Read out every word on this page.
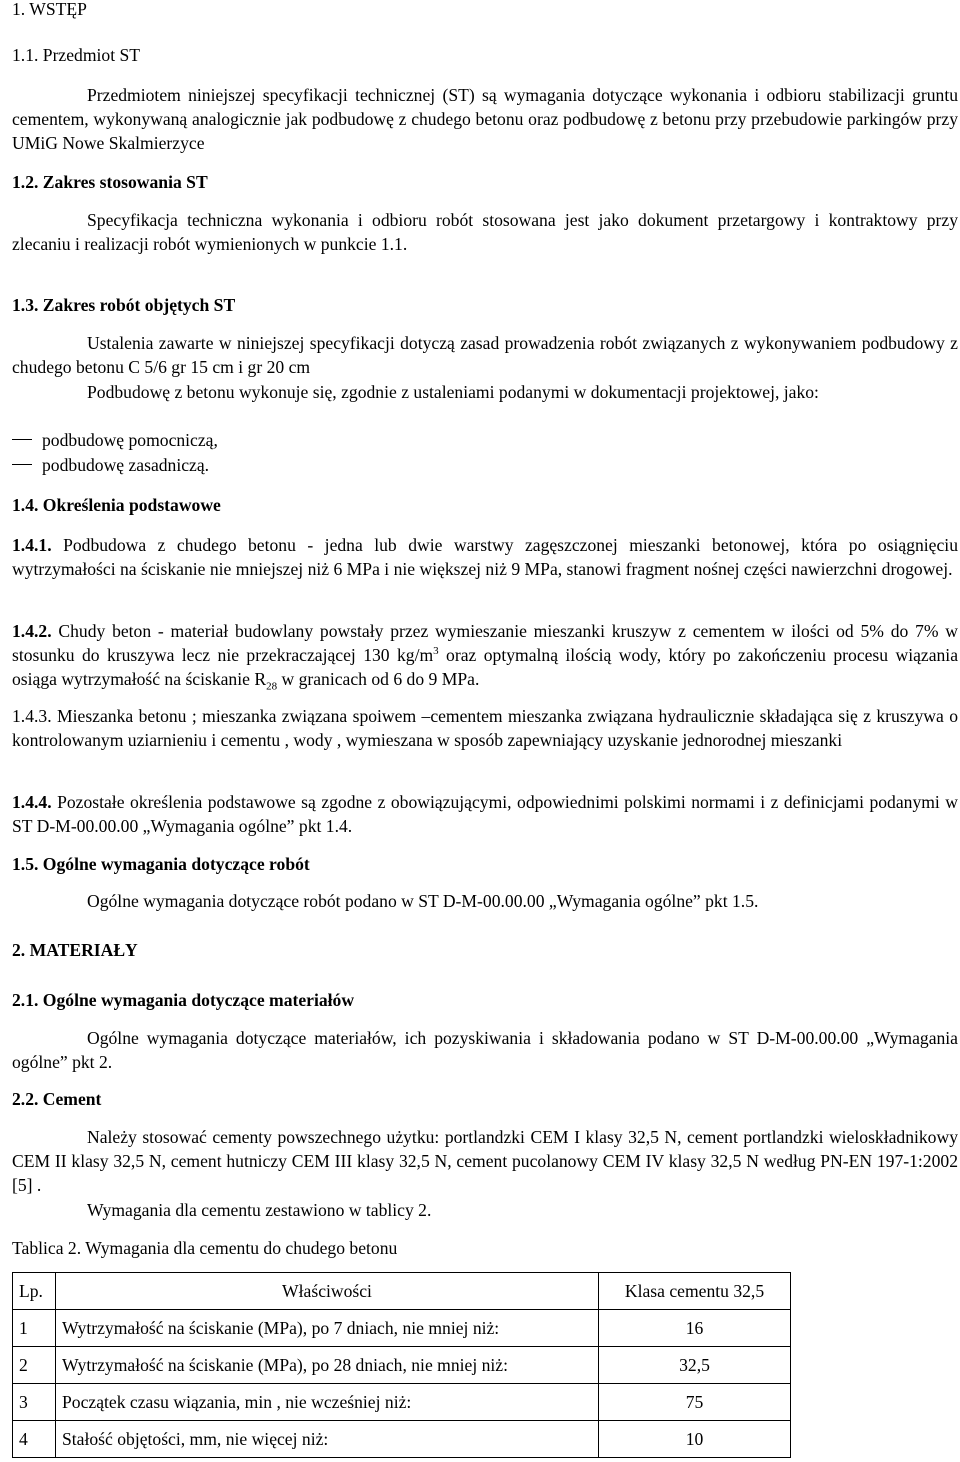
1. WSTĘP
1.1. Przedmiot ST
Przedmiotem niniejszej specyfikacji technicznej (ST) są wymagania dotyczące wykonania i odbioru stabilizacji gruntu cementem, wykonywaną analogicznie jak podbudowę z chudego betonu oraz podbudowę z betonu przy przebudowie parkingów przy UMiG Nowe Skalmierzyce
1.2. Zakres stosowania ST
Specyfikacja techniczna wykonania i odbioru robót stosowana jest jako dokument przetargowy i kontraktowy przy zlecaniu i realizacji robót wymienionych w punkcie 1.1.
1.3. Zakres robót objętych ST
Ustalenia zawarte w niniejszej specyfikacji dotyczą zasad prowadzenia robót związanych z wykonywaniem podbudowy z chudego betonu C 5/6 gr 15 cm i gr 20 cm
Podbudowę z betonu wykonuje się, zgodnie z ustaleniami podanymi w dokumentacji projektowej, jako:
podbudowę pomocniczą,
podbudowę zasadniczą.
1.4. Określenia podstawowe
1.4.1. Podbudowa z chudego betonu - jedna lub dwie warstwy zagęszczonej mieszanki betonowej, która po osiągnięciu wytrzymałości na ściskanie nie mniejszej niż 6 MPa i nie większej niż 9 MPa, stanowi fragment nośnej części nawierzchni drogowej.
1.4.2. Chudy beton - materiał budowlany powstały przez wymieszanie mieszanki kruszyw z cementem w ilości od 5% do 7% w stosunku do kruszywa lecz nie przekraczającej 130 $kg/m^3$ oraz optymalną ilością wody, który po zakończeniu procesu wiązania osiąga wytrzymałość na ściskanie $R_{28}$ w granicach od 6 do 9 MPa.
1.4.3. Mieszanka betonu ; mieszanka związana spoiwem –cementem mieszanka związana hydraulicznie składająca się z kruszywa o kontrolowanym uziarnieniu i cementu , wody , wymieszana w sposób zapewniający uzyskanie jednorodnej mieszanki
1.4.4. Pozostałe określenia podstawowe są zgodne z obowiązującymi, odpowiednimi polskimi normami i z definicjami podanymi w ST D-M-00.00.00 „Wymagania ogólne” pkt 1.4.
1.5. Ogólne wymagania dotyczące robót
Ogólne wymagania dotyczące robót podano w ST D-M-00.00.00 „Wymagania ogólne” pkt 1.5.
2. MATERIAŁY
2.1. Ogólne wymagania dotyczące materiałów
Ogólne wymagania dotyczące materiałów, ich pozyskiwania i składowania podano w ST D-M-00.00.00 „Wymagania ogólne” pkt 2.
2.2. Cement
Należy stosować cementy powszechnego użytku: portlandzki CEM I klasy 32,5 N, cement portlandzki wieloskładnikowy CEM II klasy 32,5 N, cement hutniczy CEM III klasy 32,5 N, cement pucolanowy CEM IV klasy 32,5 N według PN-EN 197-1:2002 [5] .
Wymagania dla cementu zestawiono w tablicy 2.
Tablica 2. Wymagania dla cementu do chudego betonu
Lp.	Właściwości	Klasa cementu 32,5
1	Wytrzymałość na ściskanie (MPa), po 7 dniach, nie mniej niż:	16
2	Wytrzymałość na ściskanie (MPa), po 28 dniach, nie mniej niż:	32,5
3	Początek czasu wiązania, min , nie wcześniej niż:	75
4	Stałość objętości, mm, nie więcej niż:	10
